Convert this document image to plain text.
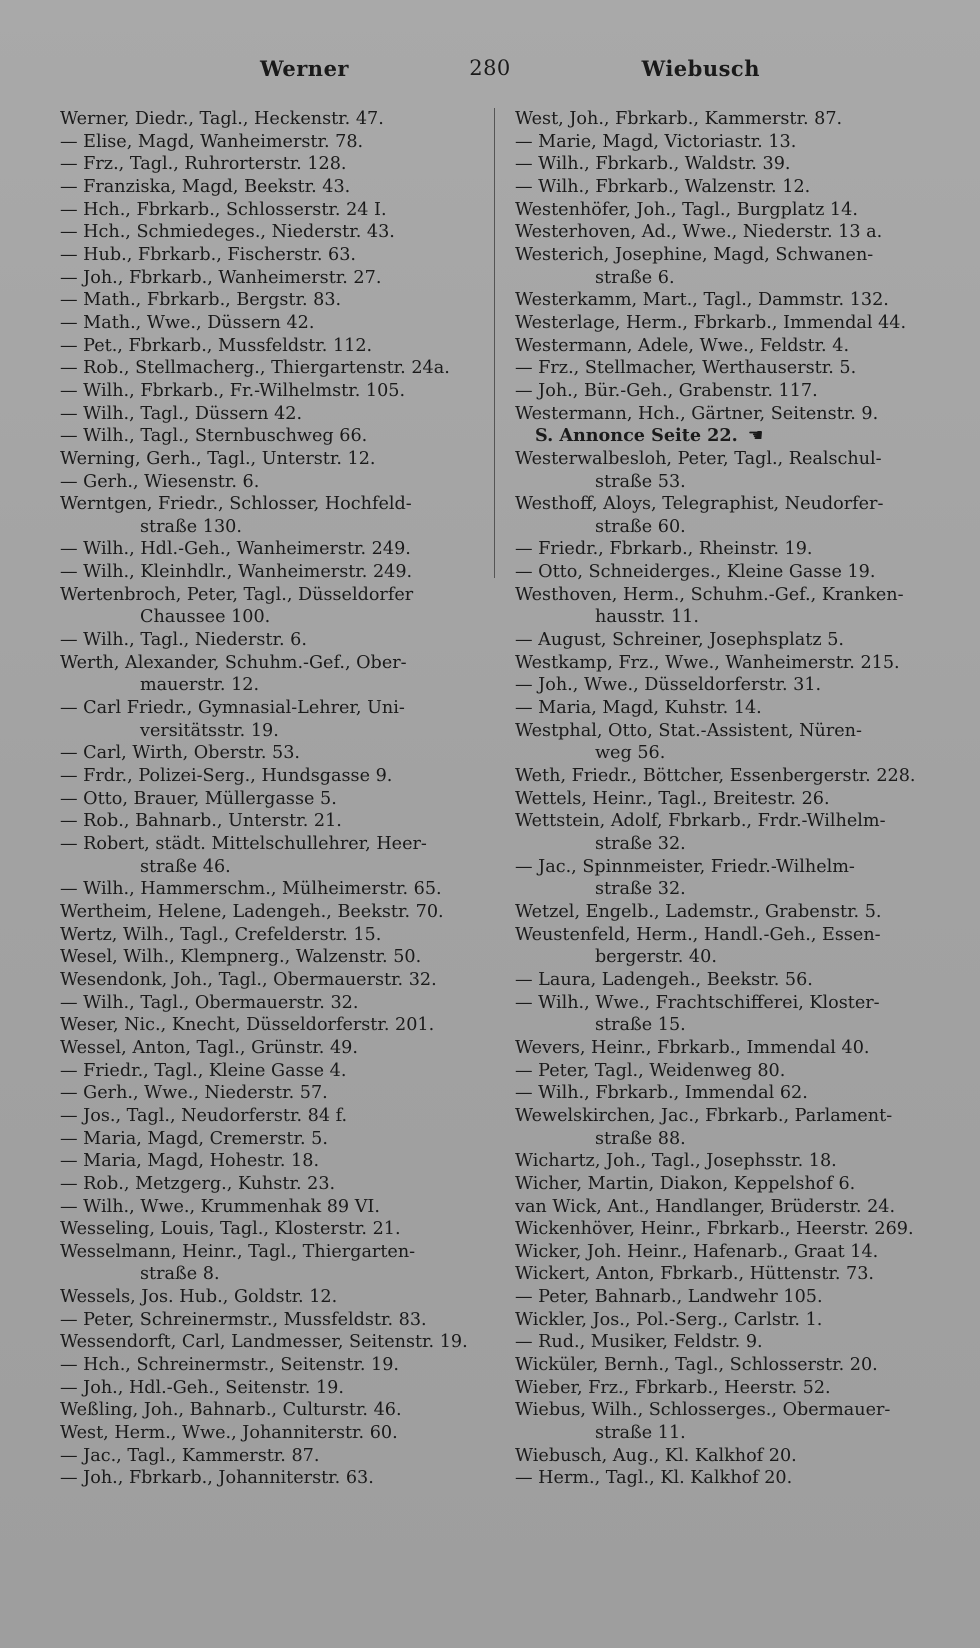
Werner	280	Wiebusch
Werner, Diedr., Tagl., Heckenstr. 47.
— Elise, Magd, Wanheimerstr. 78.
— Frz., Tagl., Ruhrorterstr. 128.
— Franziska, Magd, Beekstr. 43.
— Hch., Fbrkarb., Schlosserstr. 24 I.
— Hch., Schmiedeges., Niederstr. 43.
— Hub., Fbrkarb., Fischerstr. 63.
— Joh., Fbrkarb., Wanheimerstr. 27.
— Math., Fbrkarb., Bergstr. 83.
— Math., Wwe., Düssern 42.
— Pet., Fbrkarb., Mussfeldstr. 112.
— Rob., Stellmacherg., Thiergartenstr. 24a.
— Wilh., Fbrkarb., Fr.-Wilhelmstr. 105.
— Wilh., Tagl., Düssern 42.
— Wilh., Tagl., Sternbuschweg 66.
Werning, Gerh., Tagl., Unterstr. 12.
— Gerh., Wiesenstr. 6.
Werntgen, Friedr., Schlosser, Hochfeld-
straße 130.
— Wilh., Hdl.-Geh., Wanheimerstr. 249.
— Wilh., Kleinhdlr., Wanheimerstr. 249.
Wertenbroch, Peter, Tagl., Düsseldorfer
Chaussee 100.
— Wilh., Tagl., Niederstr. 6.
Werth, Alexander, Schuhm.-Gef., Ober-
mauerstr. 12.
— Carl Friedr., Gymnasial-Lehrer, Uni-
versitätsstr. 19.
— Carl, Wirth, Oberstr. 53.
— Frdr., Polizei-Serg., Hundsgasse 9.
— Otto, Brauer, Müllergasse 5.
— Rob., Bahnarb., Unterstr. 21.
— Robert, städt. Mittelschullehrer, Heer-
straße 46.
— Wilh., Hammerschm., Mülheimerstr. 65.
Wertheim, Helene, Ladengeh., Beekstr. 70.
Wertz, Wilh., Tagl., Crefelderstr. 15.
Wesel, Wilh., Klempnerg., Walzenstr. 50.
Wesendonk, Joh., Tagl., Obermauerstr. 32.
— Wilh., Tagl., Obermauerstr. 32.
Weser, Nic., Knecht, Düsseldorferstr. 201.
Wessel, Anton, Tagl., Grünstr. 49.
— Friedr., Tagl., Kleine Gasse 4.
— Gerh., Wwe., Niederstr. 57.
— Jos., Tagl., Neudorferstr. 84 f.
— Maria, Magd, Cremerstr. 5.
— Maria, Magd, Hohestr. 18.
— Rob., Metzgerg., Kuhstr. 23.
— Wilh., Wwe., Krummenhak 89 VI.
Wesseling, Louis, Tagl., Klosterstr. 21.
Wesselmann, Heinr., Tagl., Thiergarten-
straße 8.
Wessels, Jos. Hub., Goldstr. 12.
— Peter, Schreinermstr., Mussfeldstr. 83.
Wessendorft, Carl, Landmesser, Seitenstr. 19.
— Hch., Schreinermstr., Seitenstr. 19.
— Joh., Hdl.-Geh., Seitenstr. 19.
Weßling, Joh., Bahnarb., Culturstr. 46.
West, Herm., Wwe., Johanniterstr. 60.
— Jac., Tagl., Kammerstr. 87.
— Joh., Fbrkarb., Johanniterstr. 63.
West, Joh., Fbrkarb., Kammerstr. 87.
— Marie, Magd, Victoriastr. 13.
— Wilh., Fbrkarb., Waldstr. 39.
— Wilh., Fbrkarb., Walzenstr. 12.
Westenhöfer, Joh., Tagl., Burgplatz 14.
Westerhoven, Ad., Wwe., Niederstr. 13 a.
Westerich, Josephine, Magd, Schwanen-
straße 6.
Westerkamm, Mart., Tagl., Dammstr. 132.
Westerlage, Herm., Fbrkarb., Immendal 44.
Westermann, Adele, Wwe., Feldstr. 4.
— Frz., Stellmacher, Werthauserstr. 5.
— Joh., Bür.-Geh., Grabenstr. 117.
Westermann, Hch., Gärtner, Seitenstr. 9.
S. Annonce Seite 22. ☚
Westerwalbesloh, Peter, Tagl., Realschul-
straße 53.
Westhoff, Aloys, Telegraphist, Neudorfer-
straße 60.
— Friedr., Fbrkarb., Rheinstr. 19.
— Otto, Schneiderges., Kleine Gasse 19.
Westhoven, Herm., Schuhm.-Gef., Kranken-
hausstr. 11.
— August, Schreiner, Josephsplatz 5.
Westkamp, Frz., Wwe., Wanheimerstr. 215.
— Joh., Wwe., Düsseldorferstr. 31.
— Maria, Magd, Kuhstr. 14.
Westphal, Otto, Stat.-Assistent, Nüren-
weg 56.
Weth, Friedr., Böttcher, Essenbergerstr. 228.
Wettels, Heinr., Tagl., Breitestr. 26.
Wettstein, Adolf, Fbrkarb., Frdr.-Wilhelm-
straße 32.
— Jac., Spinnmeister, Friedr.-Wilhelm-
straße 32.
Wetzel, Engelb., Lademstr., Grabenstr. 5.
Weustenfeld, Herm., Handl.-Geh., Essen-
bergerstr. 40.
— Laura, Ladengeh., Beekstr. 56.
— Wilh., Wwe., Frachtschifferei, Kloster-
straße 15.
Wevers, Heinr., Fbrkarb., Immendal 40.
— Peter, Tagl., Weidenweg 80.
— Wilh., Fbrkarb., Immendal 62.
Wewelskirchen, Jac., Fbrkarb., Parlament-
straße 88.
Wichartz, Joh., Tagl., Josephsstr. 18.
Wicher, Martin, Diakon, Keppelshof 6.
van Wick, Ant., Handlanger, Brüderstr. 24.
Wickenhöver, Heinr., Fbrkarb., Heerstr. 269.
Wicker, Joh. Heinr., Hafenarb., Graat 14.
Wickert, Anton, Fbrkarb., Hüttenstr. 73.
— Peter, Bahnarb., Landwehr 105.
Wickler, Jos., Pol.-Serg., Carlstr. 1.
— Rud., Musiker, Feldstr. 9.
Wicküler, Bernh., Tagl., Schlosserstr. 20.
Wieber, Frz., Fbrkarb., Heerstr. 52.
Wiebus, Wilh., Schlosserges., Obermauer-
straße 11.
Wiebusch, Aug., Kl. Kalkhof 20.
— Herm., Tagl., Kl. Kalkhof 20.
